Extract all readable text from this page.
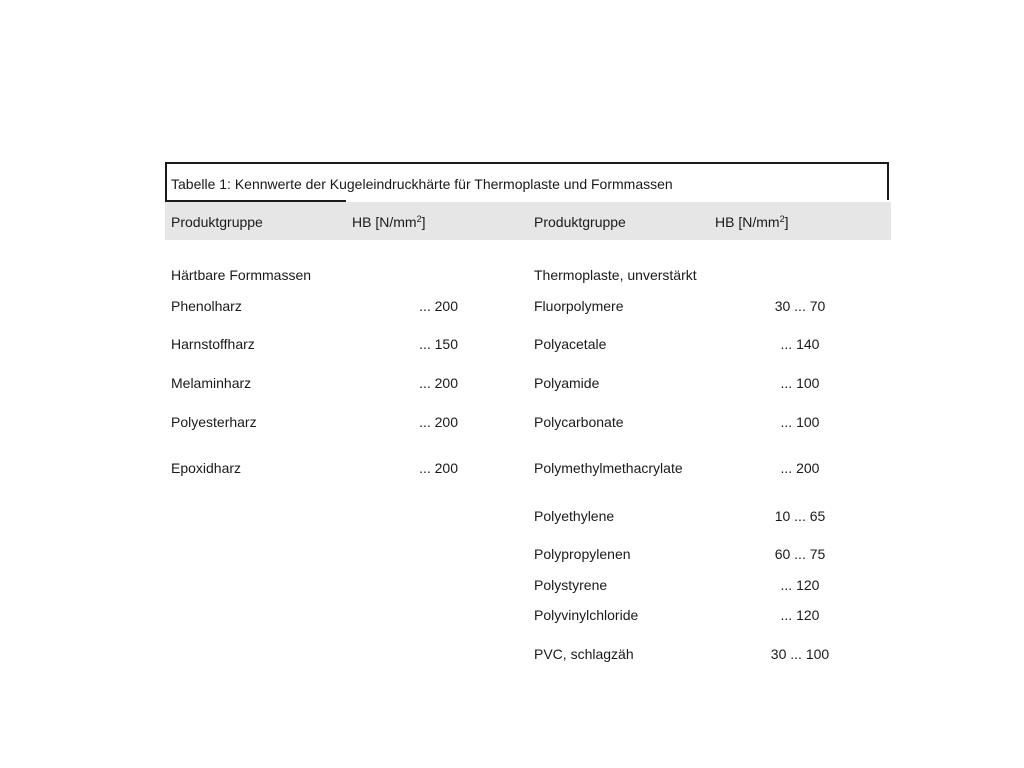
Tabelle 1: Kennwerte der Kugeleindruckhärte für Thermoplaste und Formmassen
Produktgruppe	HB $[N/mm^2]$	Produktgruppe	HB $[N/mm^2]$
Härtbare Formmassen
Phenolharz	... 200
Harnstoffharz	... 150
Melaminharz	... 200
Polyesterharz	... 200
Epoxidharz	... 200
Thermoplaste, unverstärkt
Fluorpolymere	30 ... 70
Polyacetale	... 140
Polyamide	... 100
Polycarbonate	... 100
Polymethylmethacrylate	... 200
Polyethylene	10 ... 65
Polypropylenen	60 ... 75
Polystyrene	... 120
Polyvinylchloride	... 120
PVC, schlagzäh	30 ... 100
